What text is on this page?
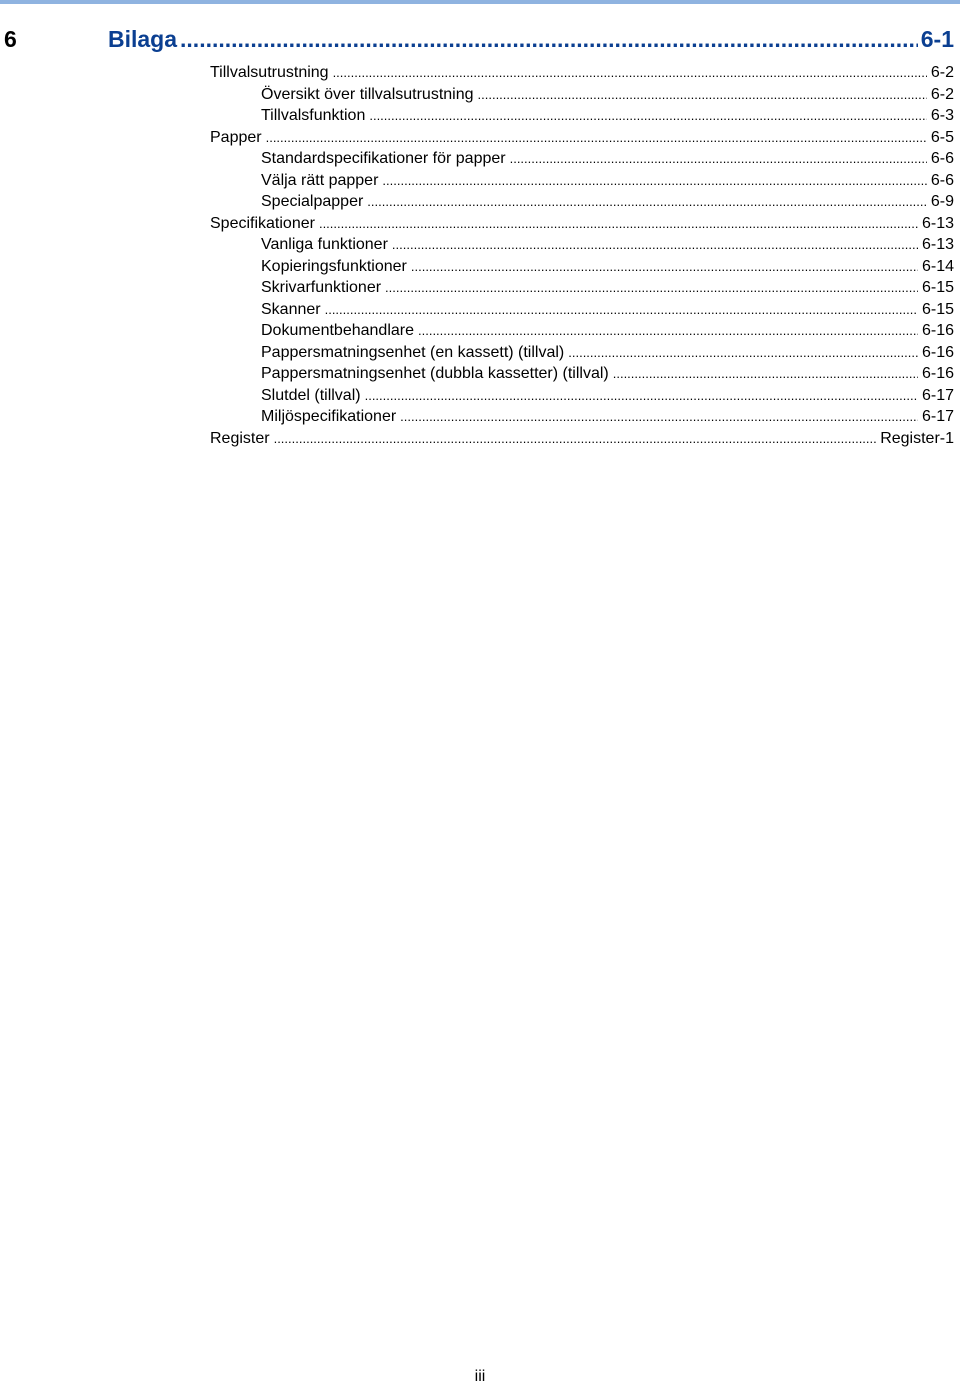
6	Bilaga .....	6-1
Tillvalsutrustning .....	6-2
Översikt över tillvalsutrustning .....	6-2
Tillvalsfunktion .....	6-3
Papper .....	6-5
Standardspecifikationer för papper .....	6-6
Välja rätt papper .....	6-6
Specialpapper .....	6-9
Specifikationer .....	6-13
Vanliga funktioner .....	6-13
Kopieringsfunktioner .....	6-14
Skrivarfunktioner .....	6-15
Skanner .....	6-15
Dokumentbehandlare .....	6-16
Pappersmatningsenhet (en kassett) (tillval) .....	6-16
Pappersmatningsenhet (dubbla kassetter) (tillval) .....	6-16
Slutdel (tillval) .....	6-17
Miljöspecifikationer .....	6-17
Register .....	Register-1
iii
